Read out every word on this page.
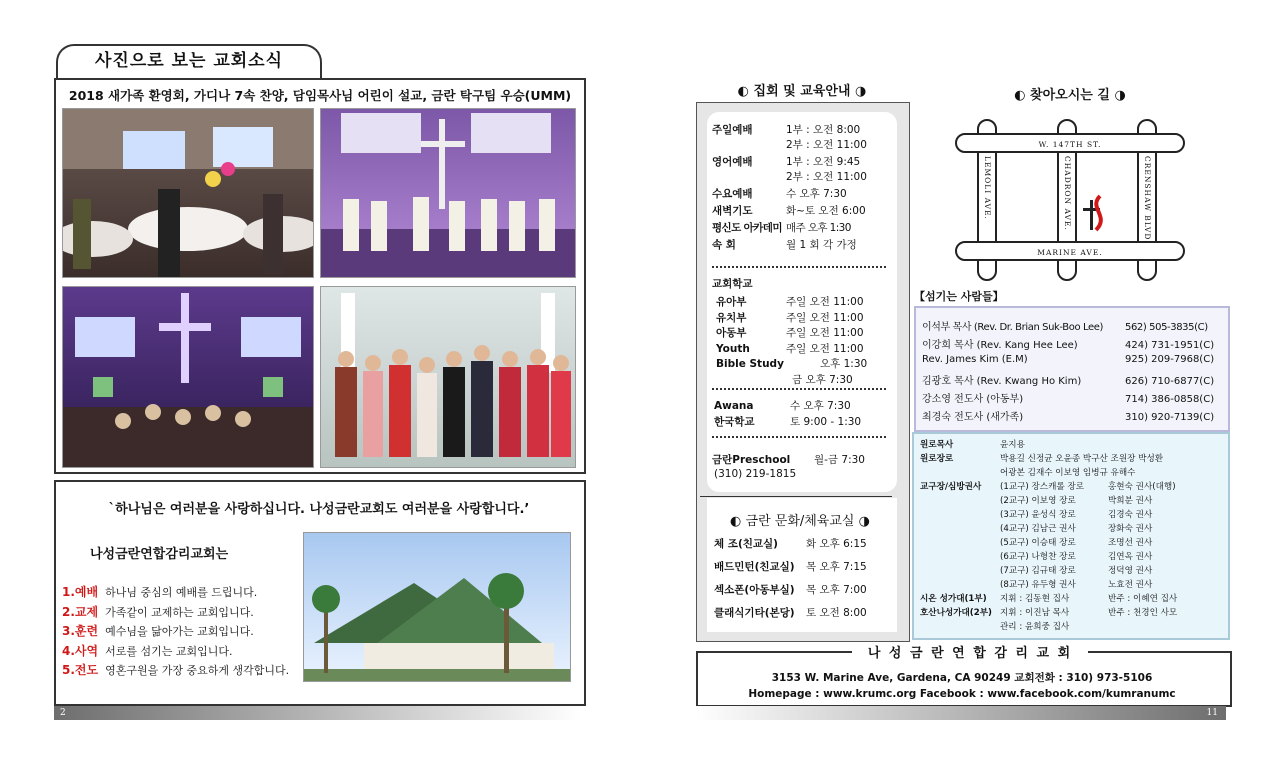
사진으로 보는 교회소식
2018 새가족 환영회, 가디나 7속 찬양, 담임목사님 어린이 설교, 금란 탁구팀 우승(UMM)
`하나님은 여러분을 사랑하십니다. 나성금란교회도 여러분을 사랑합니다.’
나성금란연합감리교회는
1.예배 하나님 중심의 예배를 드립니다.
2.교제 가족같이 교제하는 교회입니다.
3.훈련 예수님을 닮아가는 교회입니다.
4.사역 서로를 섬기는 교회입니다.
5.전도 영혼구원을 가장 중요하게 생각합니다.
2
◐ 집회 및 교육안내 ◑
주일예배	1부 : 오전 8:00
2부 : 오전 11:00
영어예배	1부 : 오전 9:45
2부 : 오전 11:00
수요예배	수 오후 7:30
새벽기도	화~토 오전 6:00
평신도 아카데미 매주 오후 1:30
속 회	월 1 회 각 가정
교회학교
유아부	주일 오전 11:00
유치부	주일 오전 11:00
아동부	주일 오전 11:00
Youth	주일 오전 11:00
Bible Study	오후 1:30
금 오후 7:30
Awana	수 오후 7:30
한국학교	토 9:00 - 1:30
금란Preschool 월-금 7:30
(310) 219-1815
◐ 금란 문화/체육교실 ◑
체 조(친교실)	화 오후 6:15
배드민턴(친교실) 목 오후 7:15
섹소폰(아동부실) 목 오후 7:00
클래식기타(본당) 토 오전 8:00
◐ 찾아오시는 길 ◑
W. 147TH ST.
MARINE AVE.
LEMOLI AVE.	CHADRON AVE.	CRENSHAW BLVD.
【섬기는 사람들】
이석부 목사 (Rev. Dr. Brian Suk-Boo Lee) 562) 505-3835(C)
이강희 목사 (Rev. Kang Hee Lee)	424) 731-1951(C)
Rev. James Kim (E.M)	925) 209-7968(C)
김광호 목사 (Rev. Kwang Ho Kim)	626) 710-6877(C)
강소영 전도사 (아동부)	714) 386-0858(C)
최경숙 전도사 (새가족)	310) 920-7139(C)
원로목사	윤지용
원로장로	박용길 신정균 오윤종 박구산 조원장 박성환
어광본 김재수 이보영 임병규 유해수
교구장/심방권사 (1교구) 장스캐롤 장로	홍현숙 권사(대행)
(2교구) 이보영 장로	박희분 권사
(3교구) 윤성식 장로	김경숙 권사
(4교구) 김남근 권사	장화숙 권사
(5교구) 이승태 장로	조명선 권사
(6교구) 나형찬 장로	김연옥 권사
(7교구) 김규태 장로	정덕영 권사
(8교구) 유두형 권사	노효전 권사
시온 성가대(1부) 지휘 : 김동현 집사	반주 : 이혜연 집사
호산나성가대(2부) 지휘 : 이진남 목사	반주 : 천경인 사모
관리 : 윤희중 집사
나 성 금 란 연 합 감 리 교 회
3153 W. Marine Ave, Gardena, CA 90249 교회전화 : 310) 973-5106
Homepage : www.krumc.org Facebook : www.facebook.com/kumranumc
11
